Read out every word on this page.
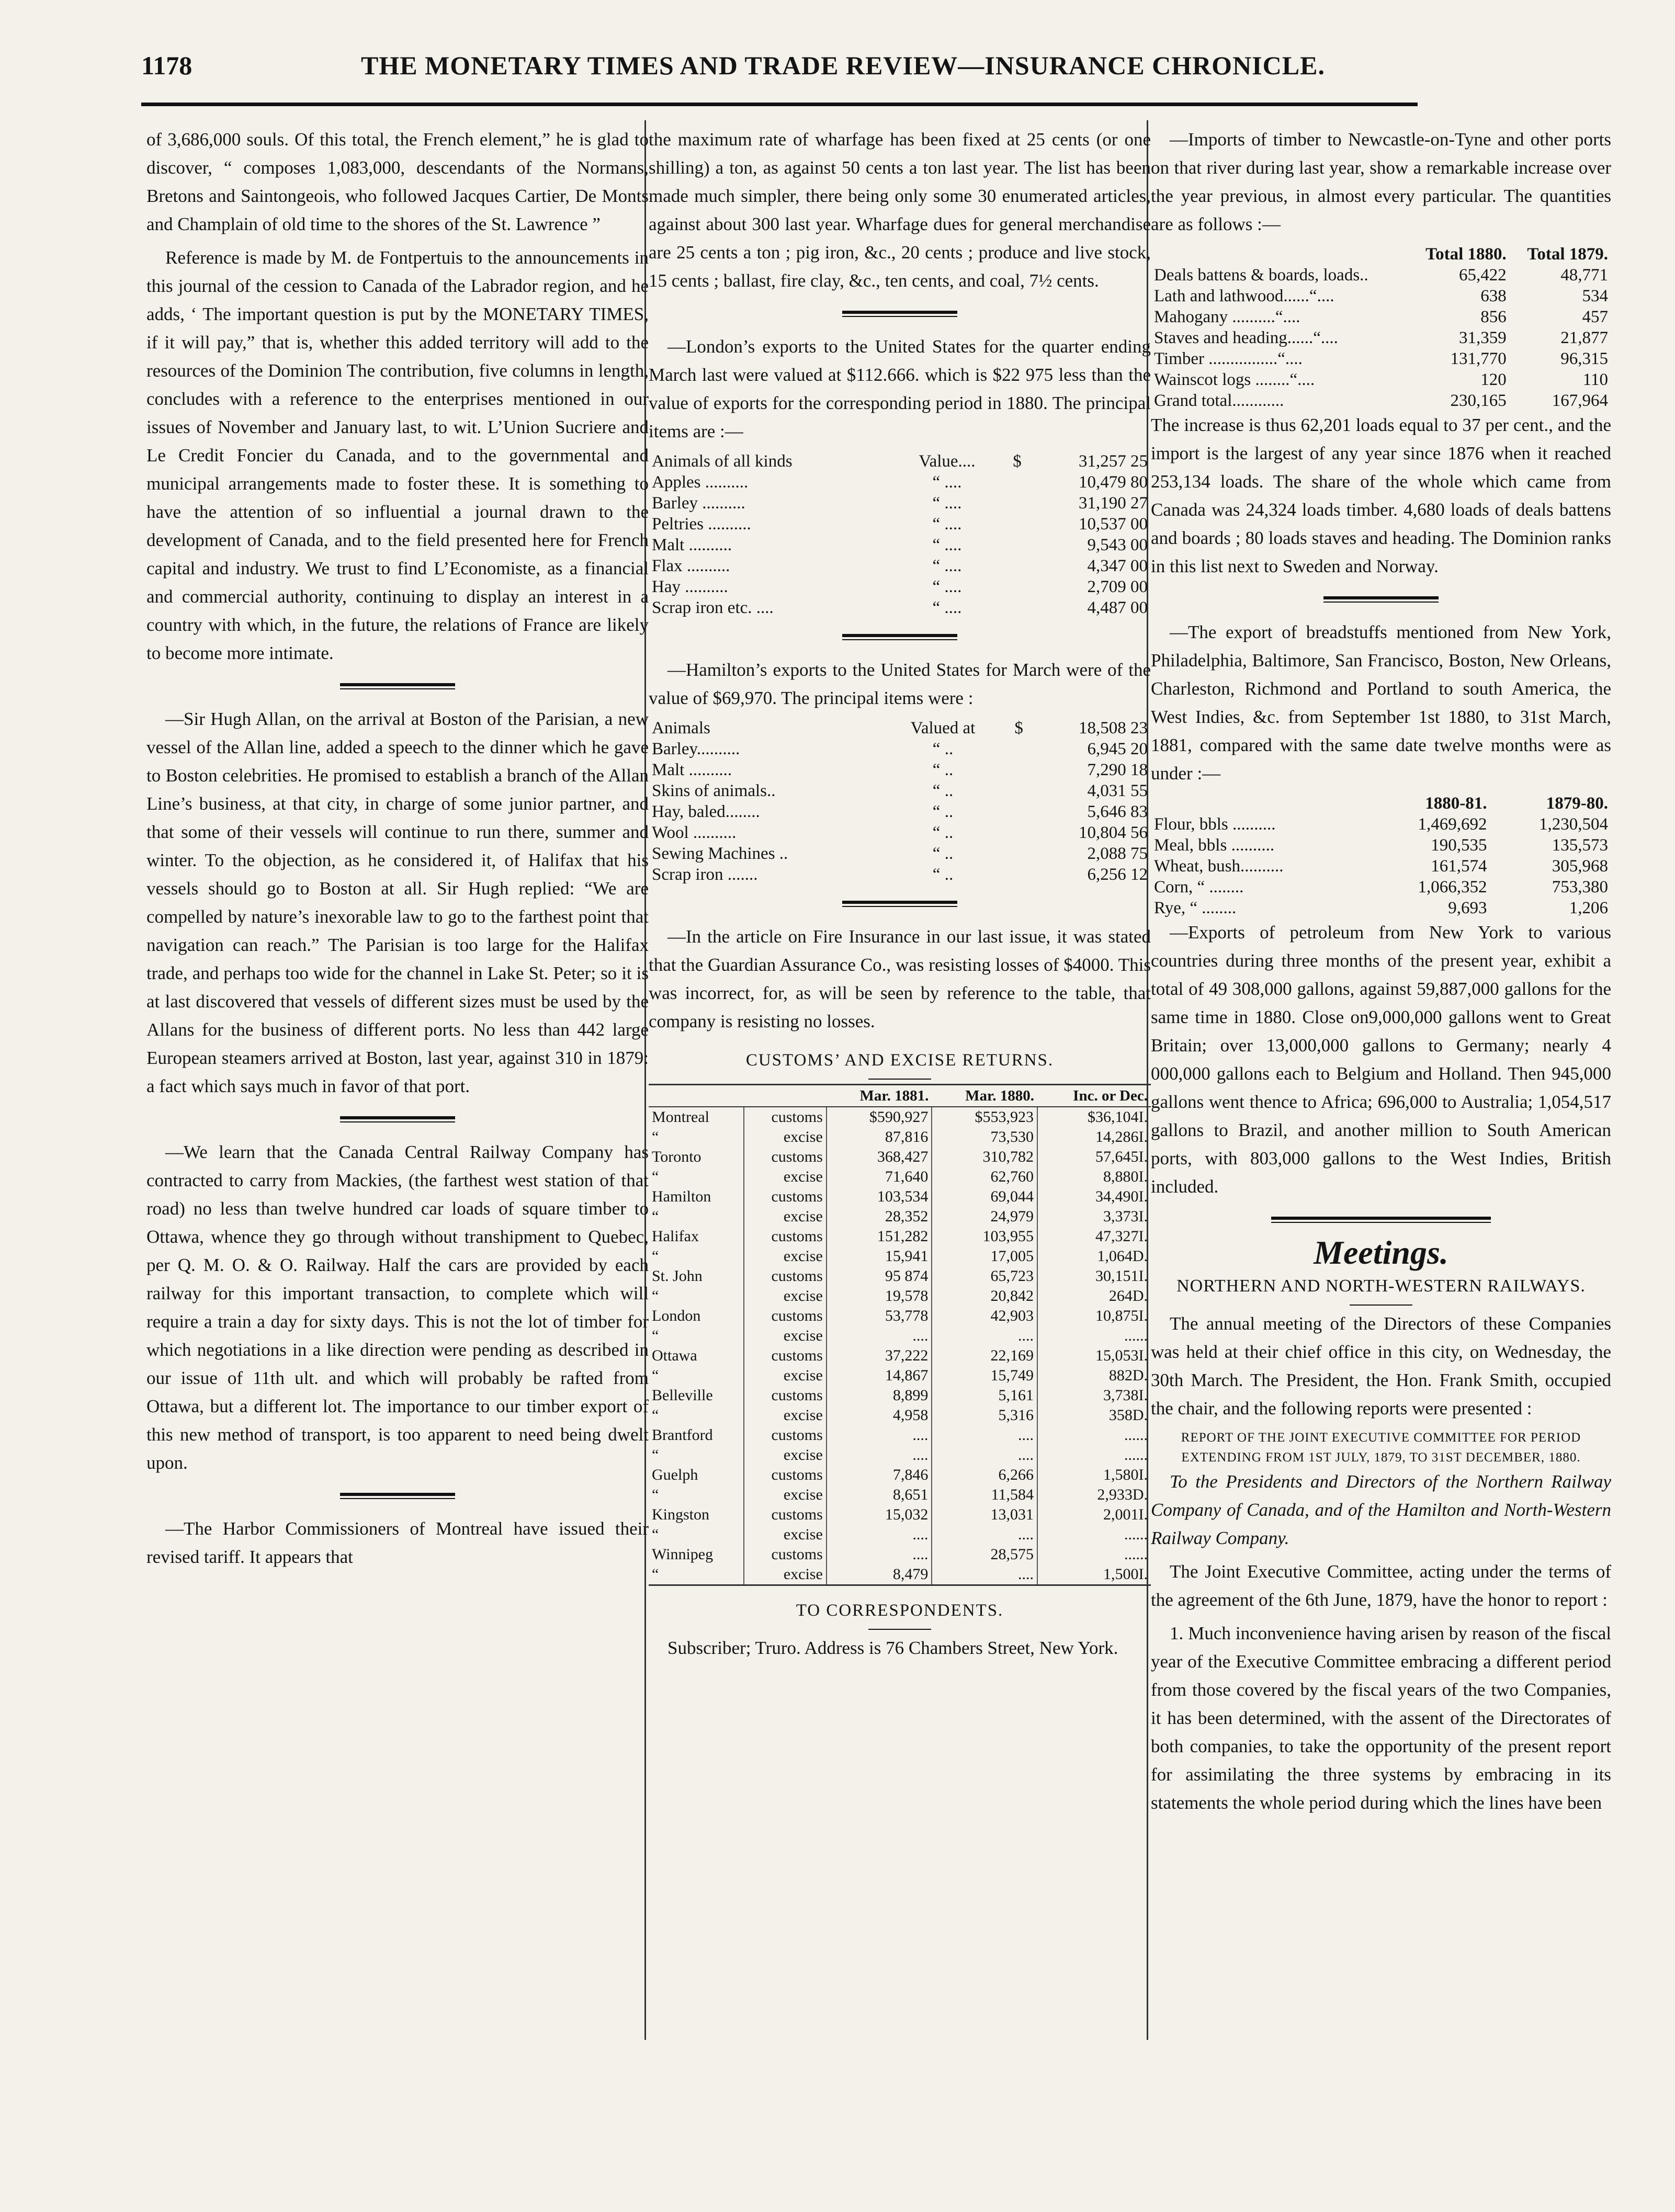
1178	THE MONETARY TIMES AND TRADE REVIEW—INSURANCE CHRONICLE.

of 3,686,000 souls. Of this total, the French element,” he is glad to discover, “ composes 1,083,000, descendants of the Normans, Bretons and Saintongeois, who followed Jacques Cartier, De Monts and Champlain of old time to the shores of the St. Lawrence ”

Reference is made by M. de Fontpertuis to the announcements in this journal of the cession to Canada of the Labrador region, and he adds, ‘ The important question is put by the MONETARY TIMES, if it will pay,” that is, whether this added territory will add to the resources of the Dominion The contribution, five columns in length, concludes with a reference to the enterprises mentioned in our issues of November and January last, to wit. L’Union Sucriere and Le Credit Foncier du Canada, and to the governmental and municipal arrangements made to foster these. It is something to have the attention of so influential a journal drawn to the development of Canada, and to the field presented here for French capital and industry. We trust to find L’Economiste, as a financial and commercial authority, continuing to display an interest in a country with which, in the future, the relations of France are likely to become more intimate.

—Sir Hugh Allan, on the arrival at Boston of the Parisian, a new vessel of the Allan line, added a speech to the dinner which he gave to Boston celebrities. He promised to establish a branch of the Allan Line’s business, at that city, in charge of some junior partner, and that some of their vessels will continue to run there, summer and winter. To the objection, as he considered it, of Halifax that his vessels should go to Boston at all. Sir Hugh replied: “We are compelled by nature’s inexorable law to go to the farthest point that navigation can reach.” The Parisian is too large for the Halifax trade, and perhaps too wide for the channel in Lake St. Peter; so it is at last discovered that vessels of different sizes must be used by the Allans for the business of different ports. No less than 442 large European steamers arrived at Boston, last year, against 310 in 1879: a fact which says much in favor of that port.

—We learn that the Canada Central Railway Company has contracted to carry from Mackies, (the farthest west station of that road) no less than twelve hundred car loads of square timber to Ottawa, whence they go through without transhipment to Quebec, per Q. M. O. & O. Railway. Half the cars are provided by each railway for this important transaction, to complete which will require a train a day for sixty days. This is not the lot of timber for which negotiations in a like direction were pending as described in our issue of 11th ult. and which will probably be rafted from Ottawa, but a different lot. The importance to our timber export of this new method of transport, is too apparent to need being dwelt upon.

—The Harbor Commissioners of Montreal have issued their revised tariff. It appears that

the maximum rate of wharfage has been fixed at 25 cents (or one shilling) a ton, as against 50 cents a ton last year. The list has been made much simpler, there being only some 30 enumerated articles, against about 300 last year. Wharfage dues for general merchandise are 25 cents a ton ; pig iron, &c., 20 cents ; produce and live stock, 15 cents ; ballast, fire clay, &c., ten cents, and coal, 7½ cents.

—London’s exports to the United States for the quarter ending March last were valued at $112.666. which is $22 975 less than the value of exports for the corresponding period in 1880. The principal items are :—

Animals of all kinds	Value....	$	31,257 25
Apples ..........	“ ....		10,479 80
Barley ..........	“ ....		31,190 27
Peltries ..........	“ ....		10,537 00
Malt ..........	“ ....		9,543 00
Flax ..........	“ ....		4,347 00
Hay ..........	“ ....		2,709 00
Scrap iron etc. ....	“ ....		4,487 00

—Hamilton’s exports to the United States for March were of the value of $69,970. The principal items were :

Animals	Valued at	$	18,508 23
Barley..........	“ ..		6,945 20
Malt ..........	“ ..		7,290 18
Skins of animals..	“ ..		4,031 55
Hay, baled........	“ ..		5,646 83
Wool ..........	“ ..		10,804 56
Sewing Machines ..	“ ..		2,088 75
Scrap iron .......	“ ..		6,256 12

—In the article on Fire Insurance in our last issue, it was stated that the Guardian Assurance Co., was resisting losses of $4000. This was incorrect, for, as will be seen by reference to the table, that company is resisting no losses.

CUSTOMS’ AND EXCISE RETURNS.
		Mar. 1881.	Mar. 1880.	Inc. or Dec.
Montreal	customs	$590,927	$553,923	$36,104I.
“	excise	87,816	73,530	14,286I.
Toronto	customs	368,427	310,782	57,645I.
“	excise	71,640	62,760	8,880I.
Hamilton	customs	103,534	69,044	34,490I.
“	excise	28,352	24,979	3,373I.
Halifax	customs	151,282	103,955	47,327I.
“	excise	15,941	17,005	1,064D.
St. John	customs	95 874	65,723	30,151I.
“	excise	19,578	20,842	264D.
London	customs	53,778	42,903	10,875I.
“	excise	....	....	......
Ottawa	customs	37,222	22,169	15,053I.
“	excise	14,867	15,749	882D.
Belleville	customs	8,899	5,161	3,738I.
“	excise	4,958	5,316	358D.
Brantford	customs	....	....	......
“	excise	....	....	......
Guelph	customs	7,846	6,266	1,580I.
“	excise	8,651	11,584	2,933D.
Kingston	customs	15,032	13,031	2,001I.
“	excise	....	....	......
Winnipeg	customs	....	28,575	......
“	excise	8,479	....	1,500I.
TO CORRESPONDENTS.

Subscriber; Truro. Address is 76 Chambers Street, New York.

—Imports of timber to Newcastle-on-Tyne and other ports on that river during last year, show a remarkable increase over the year previous, in almost every particular. The quantities are as follows :—

	Total 1880.	Total 1879.
Deals battens & boards, loads..	65,422	48,771
Lath and lathwood......“....	638	534
Mahogany ..........“....	856	457
Staves and heading......“....	31,359	21,877
Timber ................“....	131,770	96,315
Wainscot logs ........“....	120	110
Grand total............	230,165	167,964

The increase is thus 62,201 loads equal to 37 per cent., and the import is the largest of any year since 1876 when it reached 253,134 loads. The share of the whole which came from Canada was 24,324 loads timber. 4,680 loads of deals battens and boards ; 80 loads staves and heading. The Dominion ranks in this list next to Sweden and Norway.

—The export of breadstuffs mentioned from New York, Philadelphia, Baltimore, San Francisco, Boston, New Orleans, Charleston, Richmond and Portland to south America, the West Indies, &c. from September 1st 1880, to 31st March, 1881, compared with the same date twelve months were as under :—

	1880-81.	1879-80.
Flour, bbls ..........	1,469,692	1,230,504
Meal, bbls ..........	190,535	135,573
Wheat, bush..........	161,574	305,968
Corn, “ ........	1,066,352	753,380
Rye, “ ........	9,693	1,206

—Exports of petroleum from New York to various countries during three months of the present year, exhibit a total of 49 308,000 gallons, against 59,887,000 gallons for the same time in 1880. Close on9,000,000 gallons went to Great Britain; over 13,000,000 gallons to Germany; nearly 4 000,000 gallons each to Belgium and Holland. Then 945,000 gallons went thence to Africa; 696,000 to Australia; 1,054,517 gallons to Brazil, and another million to South American ports, with 803,000 gallons to the West Indies, British included.

Meetings.
NORTHERN AND NORTH-WESTERN RAILWAYS.

The annual meeting of the Directors of these Companies was held at their chief office in this city, on Wednesday, the 30th March. The President, the Hon. Frank Smith, occupied the chair, and the following reports were presented :

REPORT OF THE JOINT EXECUTIVE COMMITTEE FOR PERIOD EXTENDING FROM 1ST JULY, 1879, TO 31ST DECEMBER, 1880.

To the Presidents and Directors of the Northern Railway Company of Canada, and of the Hamilton and North-Western Railway Company.

The Joint Executive Committee, acting under the terms of the agreement of the 6th June, 1879, have the honor to report :

1. Much inconvenience having arisen by reason of the fiscal year of the Executive Committee embracing a different period from those covered by the fiscal years of the two Companies, it has been determined, with the assent of the Directorates of both companies, to take the opportunity of the present report for assimilating the three systems by embracing in its statements the whole period during which the lines have been
